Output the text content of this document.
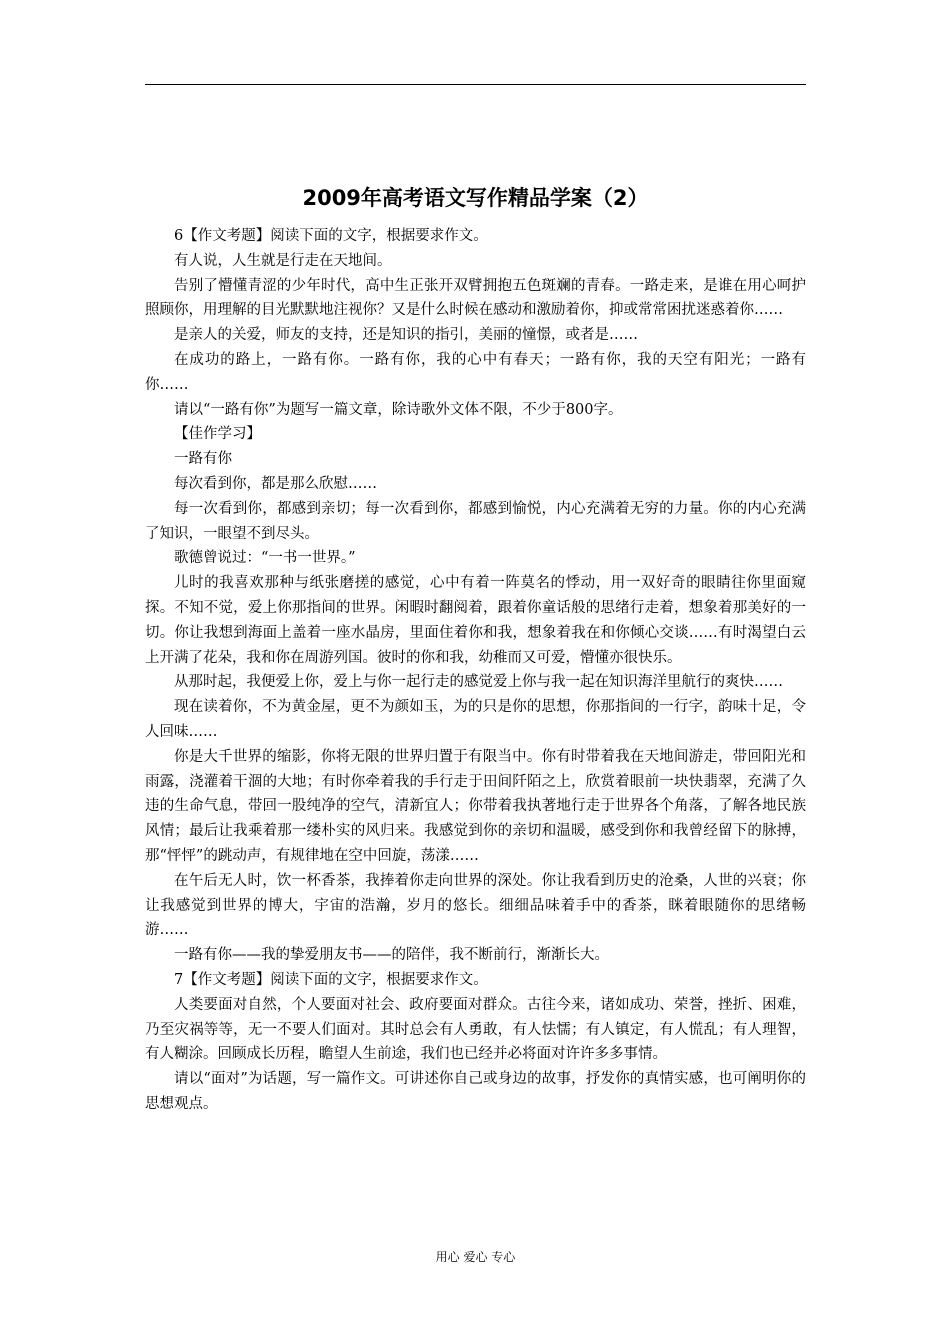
2009年高考语文写作精品学案（2）

6【作文考题】阅读下面的文字，根据要求作文。

有人说，人生就是行走在天地间。

告别了懵懂青涩的少年时代，高中生正张开双臂拥抱五色斑斓的青春。一路走来，是谁在用心呵护照顾你，用理解的目光默默地注视你？又是什么时候在感动和激励着你，抑或常常困扰迷惑着你……

是亲人的关爱，师友的支持，还是知识的指引，美丽的憧憬，或者是……

在成功的路上，一路有你。一路有你，我的心中有春天；一路有你，我的天空有阳光；一路有你……

请以“一路有你”为题写一篇文章，除诗歌外文体不限，不少于800字。

【佳作学习】

一路有你

每次看到你，都是那么欣慰……

每一次看到你，都感到亲切；每一次看到你，都感到愉悦，内心充满着无穷的力量。你的内心充满了知识，一眼望不到尽头。

歌德曾说过：“一书一世界。”

儿时的我喜欢那种与纸张磨搓的感觉，心中有着一阵莫名的悸动，用一双好奇的眼睛往你里面窥探。不知不觉，爱上你那指间的世界。闲暇时翻阅着，跟着你童话般的思绪行走着，想象着那美好的一切。你让我想到海面上盖着一座水晶房，里面住着你和我，想象着我在和你倾心交谈……有时渴望白云上开满了花朵，我和你在周游列国。彼时的你和我，幼稚而又可爱，懵懂亦很快乐。

从那时起，我便爱上你，爱上与你一起行走的感觉爱上你与我一起在知识海洋里航行的爽快……

现在读着你，不为黄金屋，更不为颜如玉，为的只是你的思想，你那指间的一行字，韵味十足，令人回味……

你是大千世界的缩影，你将无限的世界归置于有限当中。你有时带着我在天地间游走，带回阳光和雨露，浇灌着干涸的大地；有时你牵着我的手行走于田间阡陌之上，欣赏着眼前一块快翡翠，充满了久违的生命气息，带回一股纯净的空气，清新宜人；你带着我执著地行走于世界各个角落，了解各地民族风情；最后让我乘着那一缕朴实的风归来。我感觉到你的亲切和温暖，感受到你和我曾经留下的脉搏，那“怦怦”的跳动声，有规律地在空中回旋，荡漾……

在午后无人时，饮一杯香茶，我捧着你走向世界的深处。你让我看到历史的沧桑，人世的兴衰；你让我感觉到世界的博大，宇宙的浩瀚，岁月的悠长。细细品味着手中的香茶，眯着眼随你的思绪畅游……

一路有你——我的挚爱朋友书——的陪伴，我不断前行，渐渐长大。

7【作文考题】阅读下面的文字，根据要求作文。

人类要面对自然，个人要面对社会、政府要面对群众。古往今来，诸如成功、荣誉，挫折、困难，乃至灾祸等等，无一不要人们面对。其时总会有人勇敢，有人怯懦；有人镇定，有人慌乱；有人理智，有人糊涂。回顾成长历程，瞻望人生前途，我们也已经并必将面对许许多多事情。

请以“面对”为话题，写一篇作文。可讲述你自己或身边的故事，抒发你的真情实感，也可阐明你的思想观点。

用心 爱心 专心
